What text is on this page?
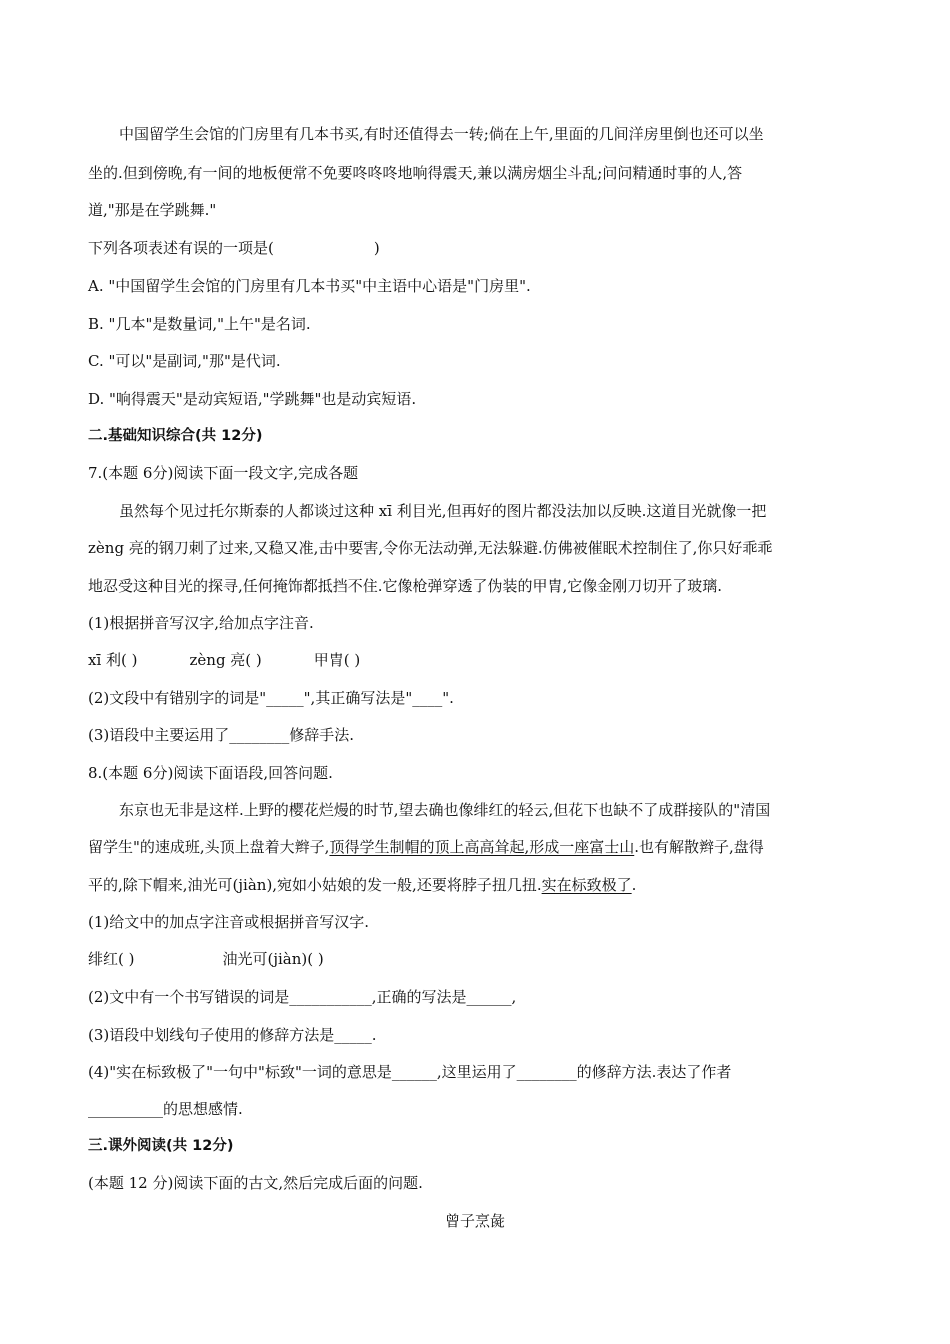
中国留学生会馆的门房里有几本书买,有时还值得去一转;倘在上午,里面的几间洋房里倒也还可以坐
坐的.但到傍晚,有一间的地板便常不免要咚咚咚地响得震天,兼以满房烟尘斗乱;问问精通时事的人,答
道,"那是在学跳舞."
下列各项表述有误的一项是(	)
A. "中国留学生会馆的门房里有几本书买"中主语中心语是"门房里".
B. "几本"是数量词,"上午"是名词.
C. "可以"是副词,"那"是代词.
D. "响得震天"是动宾短语,"学跳舞"也是动宾短语.
二.基础知识综合(共 12分)
7.(本题 6分)阅读下面一段文字,完成各题
虽然每个见过托尔斯泰的人都谈过这种 xī 利目光,但再好的图片都没法加以反映.这道目光就像一把
zèng 亮的钢刀刺了过来,又稳又准,击中要害,令你无法动弹,无法躲避.仿佛被催眠术控制住了,你只好乖乖
地忍受这种目光的探寻,任何掩饰都抵挡不住.它像枪弹穿透了伪装的甲胄,它像金刚刀切开了玻璃.
(1)根据拼音写汉字,给加点字注音.
xī 利( )	zèng 亮( )	甲胄( )
(2)文段中有错别字的词是"_____",其正确写法是"____".
(3)语段中主要运用了________修辞手法.
8.(本题 6分)阅读下面语段,回答问题.
东京也无非是这样.上野的樱花烂熳的时节,望去确也像绯红的轻云,但花下也缺不了成群接队的"清国
留学生"的速成班,头顶上盘着大辫子,顶得学生制帽的顶上高高耸起,形成一座富士山.也有解散辫子,盘得
平的,除下帽来,油光可(jiàn),宛如小姑娘的发一般,还要将脖子扭几扭.实在标致极了.
(1)给文中的加点字注音或根据拼音写汉字.
绯红( )	油光可(jiàn)( )
(2)文中有一个书写错误的词是___________,正确的写法是______,
(3)语段中划线句子使用的修辞方法是_____.
(4)"实在标致极了"一句中"标致"一词的意思是______,这里运用了________的修辞方法.表达了作者
__________的思想感情.
三.课外阅读(共 12分)
(本题 12 分)阅读下面的古文,然后完成后面的问题.
曾子烹彘
